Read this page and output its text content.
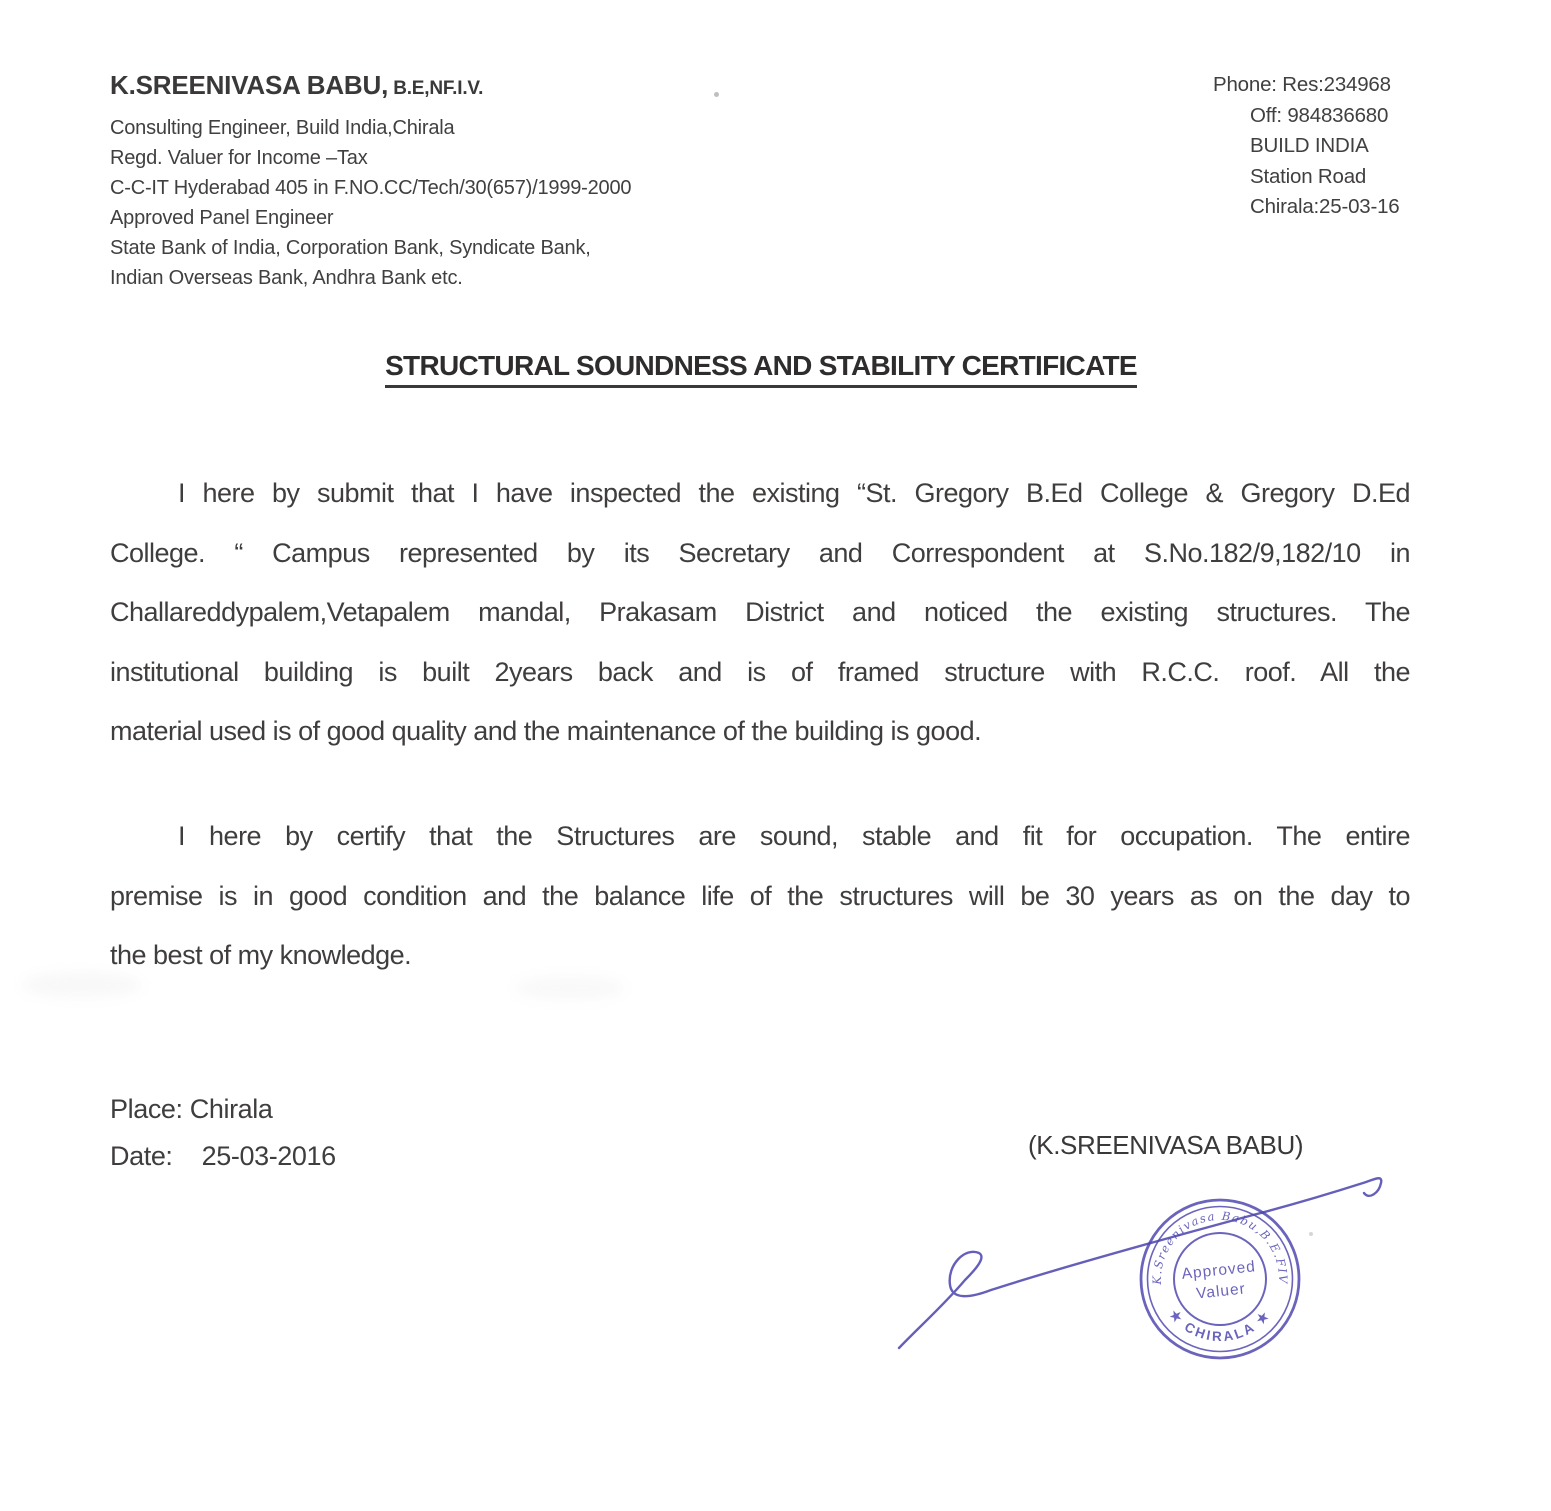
K.SREENIVASA BABU, B.E,NF.I.V.
Consulting Engineer, Build India,Chirala
Regd. Valuer for Income –Tax
C-C-IT Hyderabad 405 in F.NO.CC/Tech/30(657)/1999-2000
Approved Panel Engineer
State Bank of India, Corporation Bank, Syndicate Bank,
Indian Overseas Bank, Andhra Bank etc.
Phone: Res:234968
Off: 984836680
BUILD INDIA
Station Road
Chirala:25-03-16
STRUCTURAL SOUNDNESS AND STABILITY CERTIFICATE
I here by submit that I have inspected the existing “St. Gregory B.Ed College & Gregory D.Ed
College. “ Campus represented by its Secretary and Correspondent at S.No.182/9,182/10 in
Challareddypalem,Vetapalem mandal, Prakasam District and noticed the existing structures. The
institutional building is built 2years back and is of framed structure with R.C.C. roof. All the
material used is of good quality and the maintenance of the building is good.
I here by certify that the Structures are sound, stable and fit for occupation. The entire
premise is in good condition and the balance life of the structures will be 30 years as on the day to
the best of my knowledge.
Place: Chirala
Date: 25-03-2016	(K.SREENIVASA BABU)
K.Sreenivasa Babu,B.E.FIV
★ CHIRALA ★
Approved
Valuer
